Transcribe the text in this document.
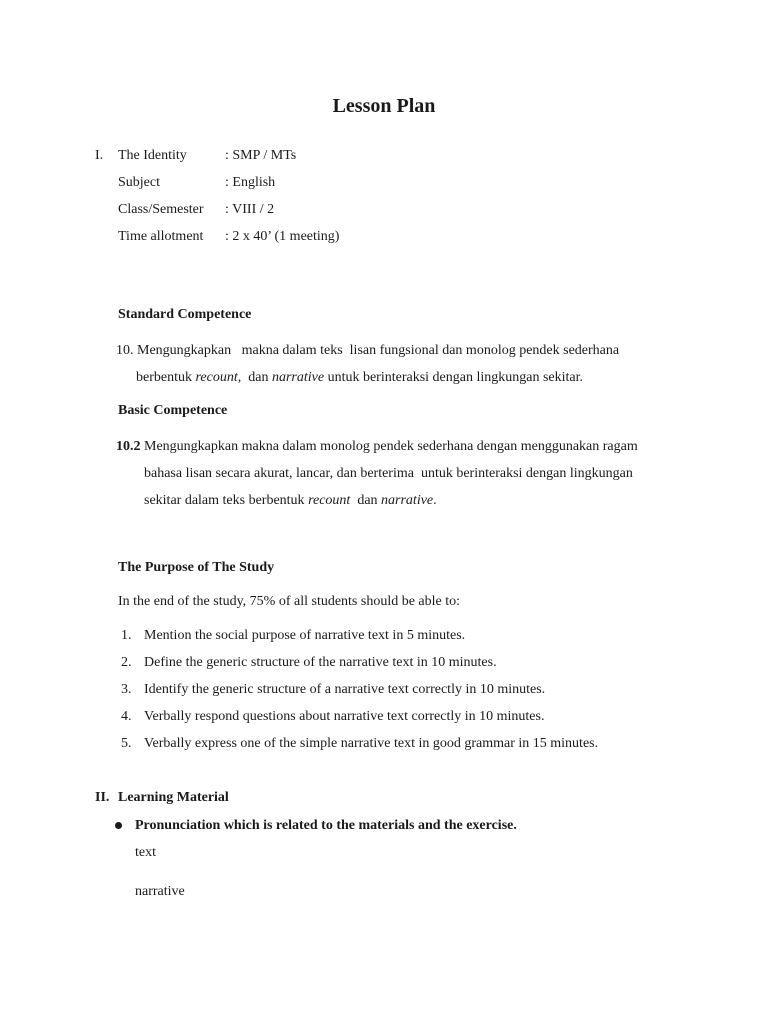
Lesson Plan
I. The Identity	: SMP / MTs
Subject	: English
Class/Semester : VIII / 2
Time allotment : 2 x 40’ (1 meeting)
Standard Competence
10. Mengungkapkan   makna dalam teks  lisan fungsional dan monolog pendek sederhana
berbentuk recount,  dan narrative untuk berinteraksi dengan lingkungan sekitar.
Basic Competence
10.2 Mengungkapkan makna dalam monolog pendek sederhana dengan menggunakan ragam
bahasa lisan secara akurat, lancar, dan berterima  untuk berinteraksi dengan lingkungan
sekitar dalam teks berbentuk recount  dan narrative.
The Purpose of The Study
In the end of the study, 75% of all students should be able to:
1. Mention the social purpose of narrative text in 5 minutes.
2. Define the generic structure of the narrative text in 10 minutes.
3. Identify the generic structure of a narrative text correctly in 10 minutes.
4. Verbally respond questions about narrative text correctly in 10 minutes.
5. Verbally express one of the simple narrative text in good grammar in 15 minutes.
II. Learning Material
Pronunciation which is related to the materials and the exercise.
text
narrative
